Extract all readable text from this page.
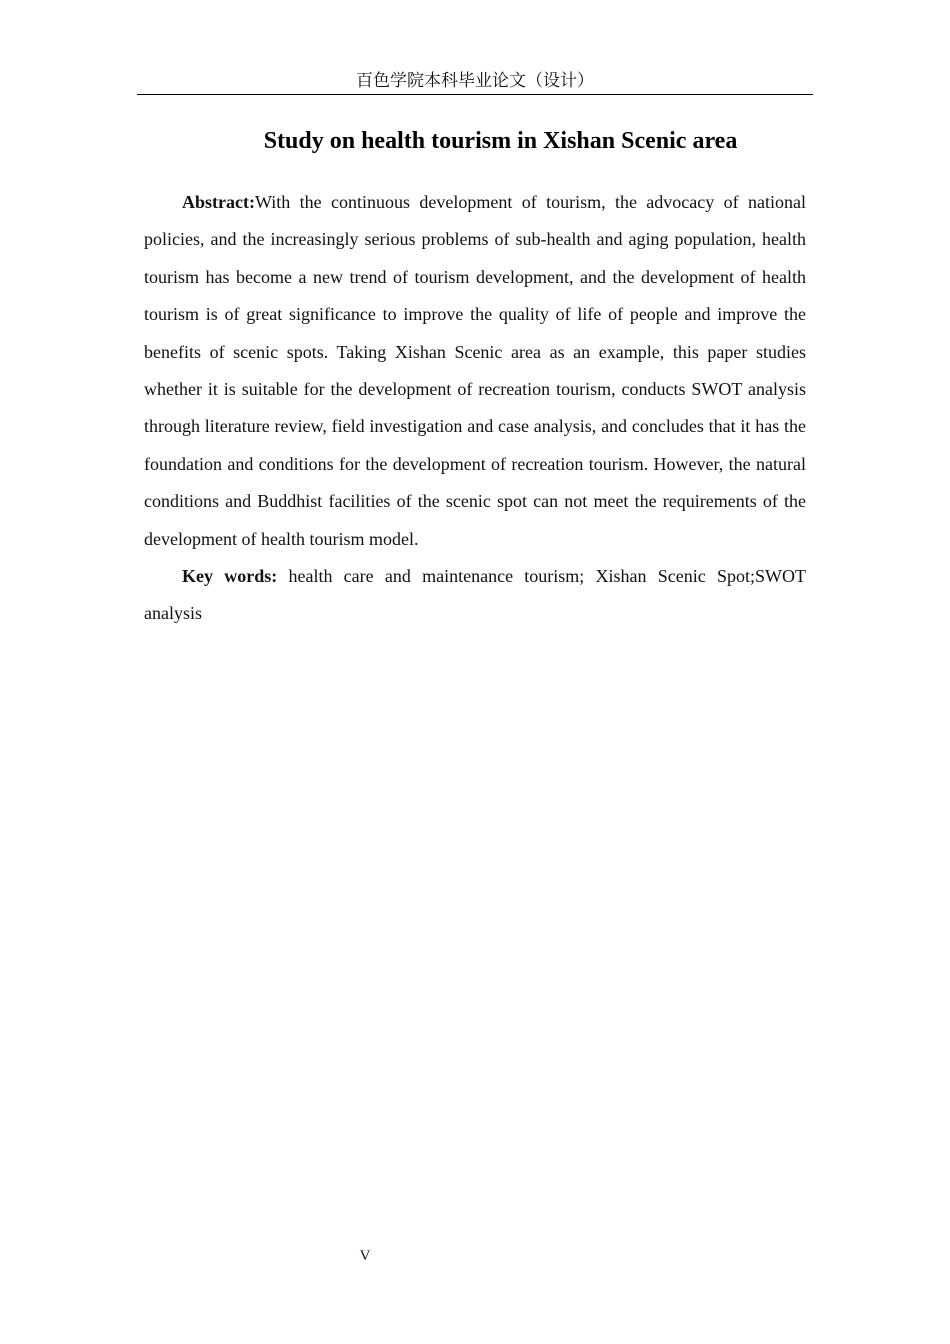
百色学院本科毕业论文（设计）
Study on health tourism in Xishan Scenic area

Abstract:With the continuous development of tourism, the advocacy of national policies, and the increasingly serious problems of sub-health and aging population, health tourism has become a new trend of tourism development, and the development of health tourism is of great significance to improve the quality of life of people and improve the benefits of scenic spots. Taking Xishan Scenic area as an example, this paper studies whether it is suitable for the development of recreation tourism, conducts SWOT analysis through literature review, field investigation and case analysis, and concludes that it has the foundation and conditions for the development of recreation tourism. However, the natural conditions and Buddhist facilities of the scenic spot can not meet the requirements of the development of health tourism model.

Key words: health care and maintenance tourism; Xishan Scenic Spot;SWOT analysis

V
